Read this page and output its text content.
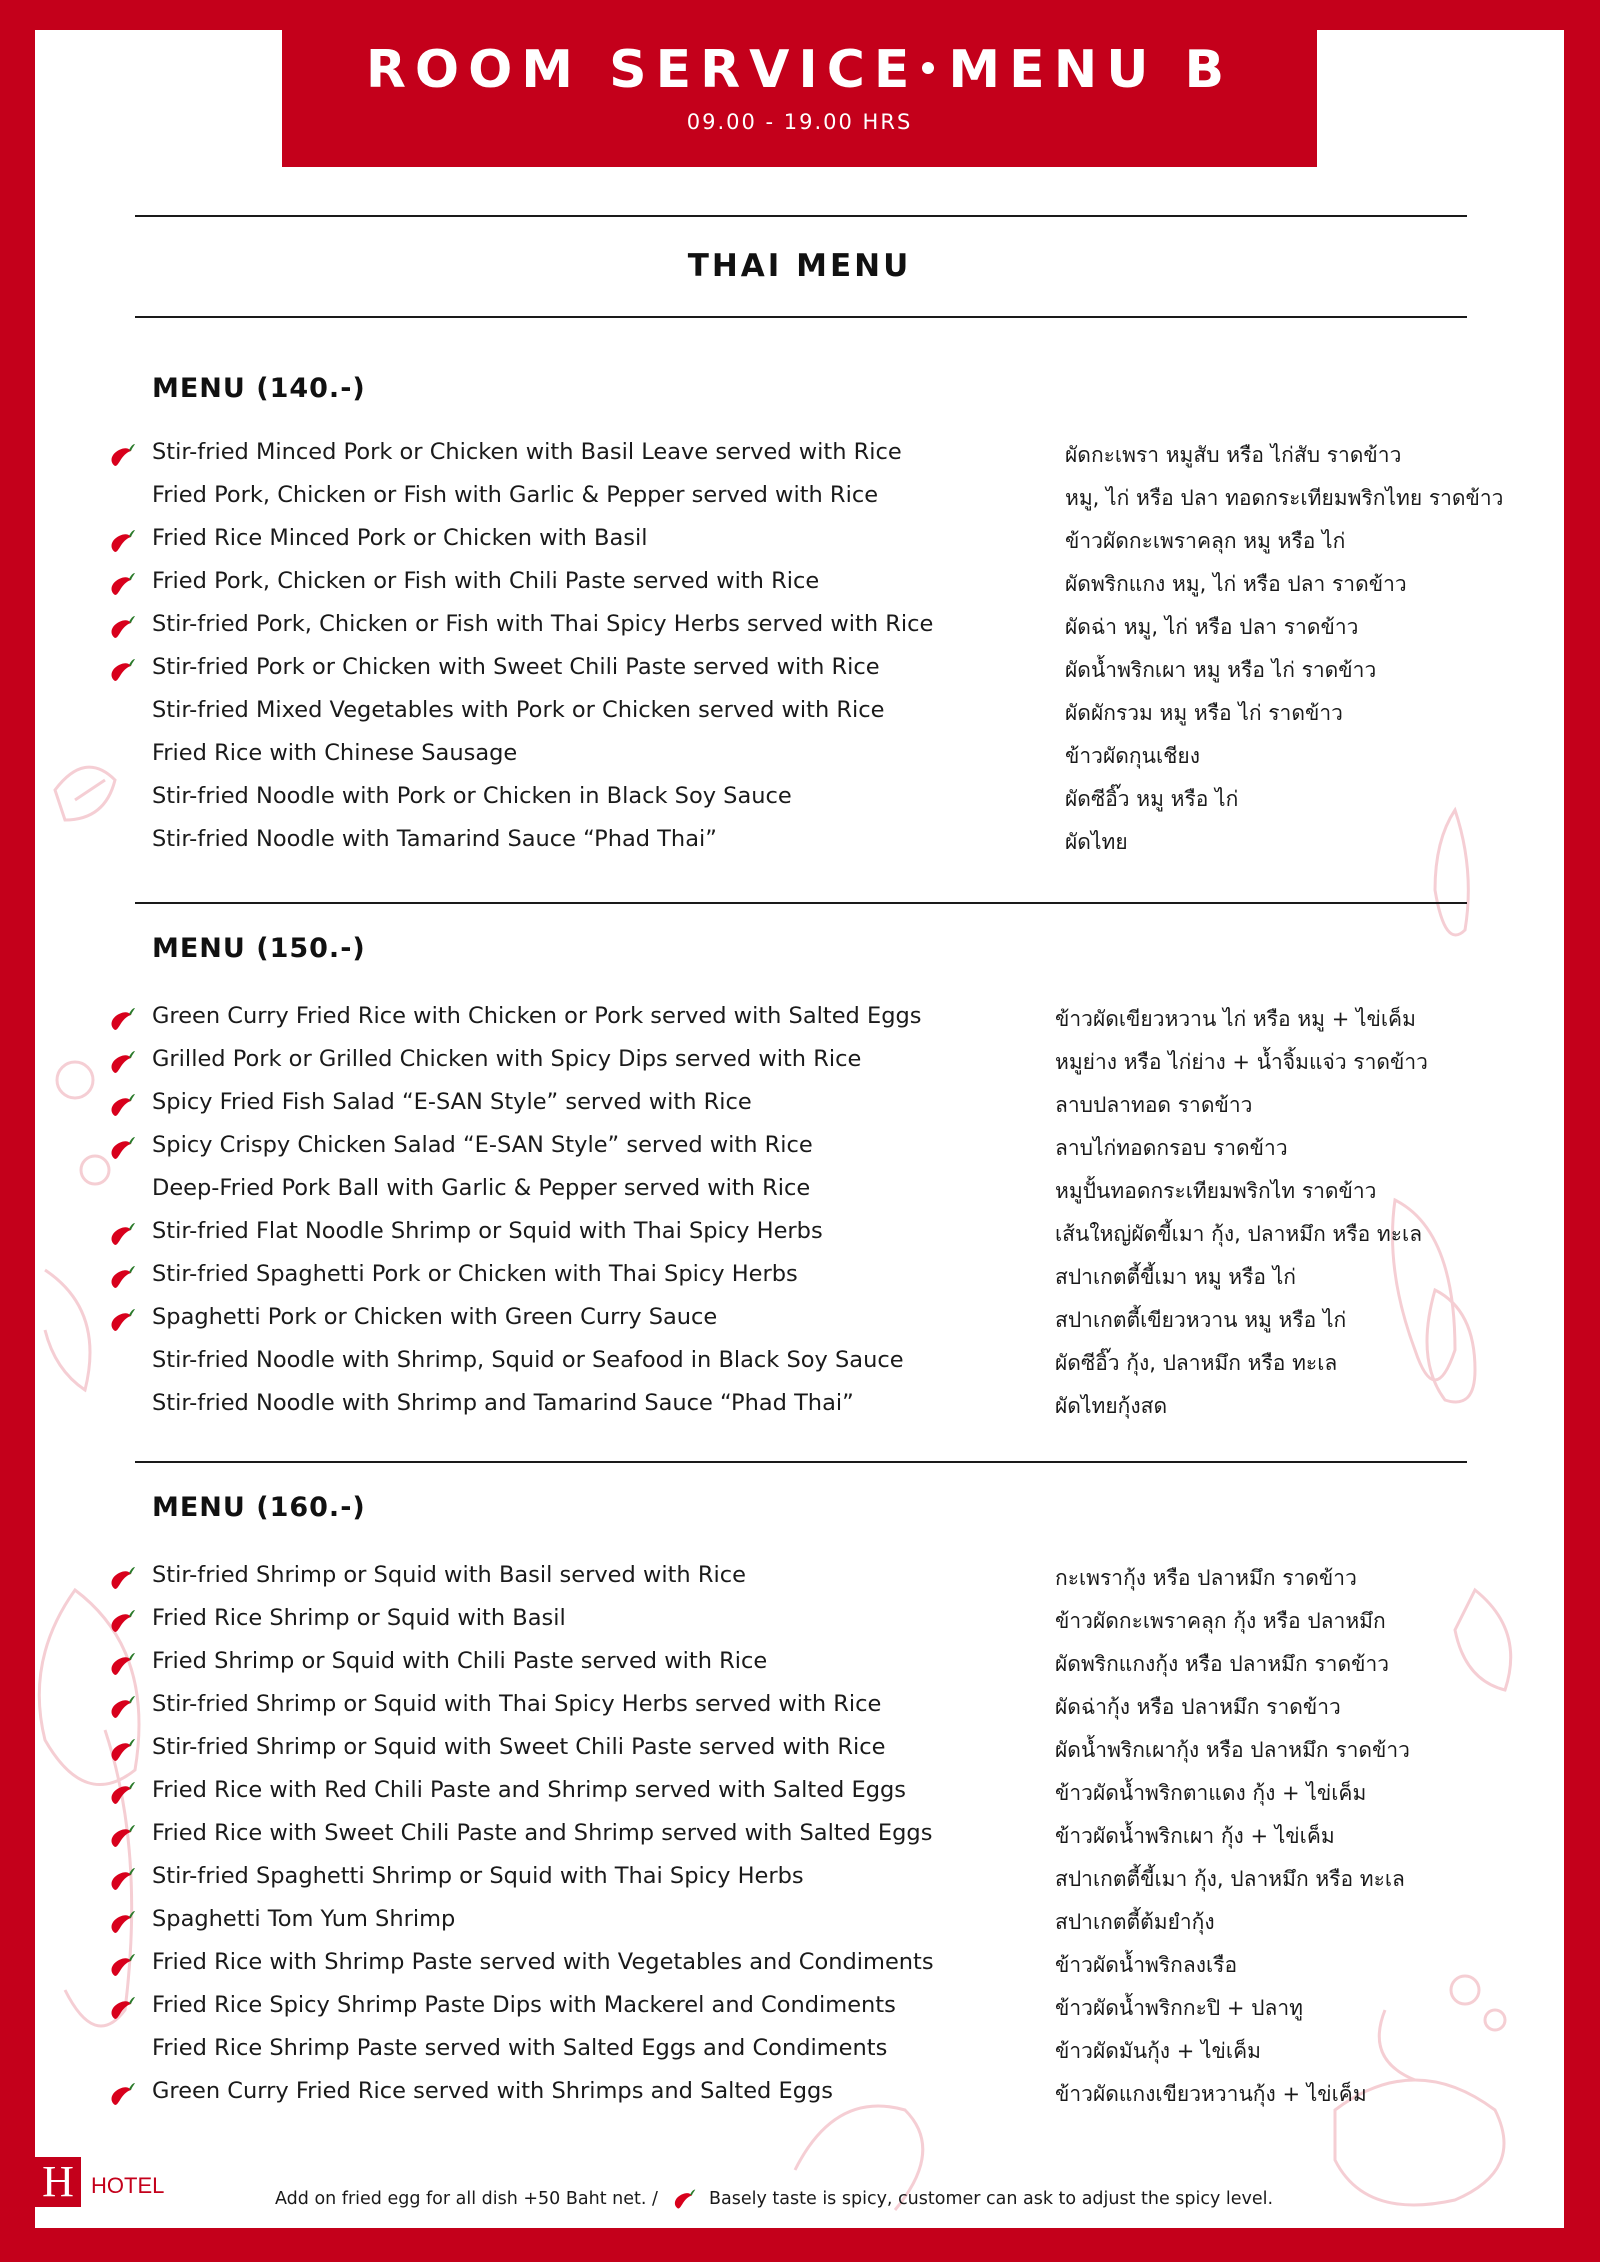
ROOM SERVICE MENU B
09.00 - 19.00 HRS
THAI MENU
MENU (140.-)
Stir-fried Minced Pork or Chicken with Basil Leave served with Rice	ผัดกะเพรา หมูสับ หรือ ไก่สับ ราดข้าว
Fried Pork, Chicken or Fish with Garlic & Pepper served with Rice	หมู, ไก่ หรือ ปลา ทอดกระเทียมพริกไทย ราดข้าว
Fried Rice Minced Pork or Chicken with Basil	ข้าวผัดกะเพราคลุก หมู หรือ ไก่
Fried Pork, Chicken or Fish with Chili Paste served with Rice	ผัดพริกแกง หมู, ไก่ หรือ ปลา ราดข้าว
Stir-fried Pork, Chicken or Fish with Thai Spicy Herbs served with Rice	ผัดฉ่า หมู, ไก่ หรือ ปลา ราดข้าว
Stir-fried Pork or Chicken with Sweet Chili Paste served with Rice	ผัดน้ำพริกเผา หมู หรือ ไก่ ราดข้าว
Stir-fried Mixed Vegetables with Pork or Chicken served with Rice	ผัดผักรวม หมู หรือ ไก่ ราดข้าว
Fried Rice with Chinese Sausage	ข้าวผัดกุนเชียง
Stir-fried Noodle with Pork or Chicken in Black Soy Sauce	ผัดซีอิ๊ว หมู หรือ ไก่
Stir-fried Noodle with Tamarind Sauce “Phad Thai”	ผัดไทย
MENU (150.-)
Green Curry Fried Rice with Chicken or Pork served with Salted Eggs	ข้าวผัดเขียวหวาน ไก่ หรือ หมู + ไข่เค็ม
Grilled Pork or Grilled Chicken with Spicy Dips served with Rice	หมูย่าง หรือ ไก่ย่าง + น้ำจิ้มแจ่ว ราดข้าว
Spicy Fried Fish Salad “E-SAN Style” served with Rice	ลาบปลาทอด ราดข้าว
Spicy Crispy Chicken Salad “E-SAN Style” served with Rice	ลาบไก่ทอดกรอบ ราดข้าว
Deep-Fried Pork Ball with Garlic & Pepper served with Rice	หมูปั้นทอดกระเทียมพริกไท ราดข้าว
Stir-fried Flat Noodle Shrimp or Squid with Thai Spicy Herbs	เส้นใหญ่ผัดขี้เมา กุ้ง, ปลาหมึก หรือ ทะเล
Stir-fried Spaghetti Pork or Chicken with Thai Spicy Herbs	สปาเกตตี้ขี้เมา หมู หรือ ไก่
Spaghetti Pork or Chicken with Green Curry Sauce	สปาเกตตี้เขียวหวาน หมู หรือ ไก่
Stir-fried Noodle with Shrimp, Squid or Seafood in Black Soy Sauce	ผัดซีอิ๊ว กุ้ง, ปลาหมึก หรือ ทะเล
Stir-fried Noodle with Shrimp and Tamarind Sauce “Phad Thai”	ผัดไทยกุ้งสด
MENU (160.-)
Stir-fried Shrimp or Squid with Basil served with Rice	กะเพรากุ้ง หรือ ปลาหมึก ราดข้าว
Fried Rice Shrimp or Squid with Basil	ข้าวผัดกะเพราคลุก กุ้ง หรือ ปลาหมึก
Fried Shrimp or Squid with Chili Paste served with Rice	ผัดพริกแกงกุ้ง หรือ ปลาหมึก ราดข้าว
Stir-fried Shrimp or Squid with Thai Spicy Herbs served with Rice	ผัดฉ่ากุ้ง หรือ ปลาหมึก ราดข้าว
Stir-fried Shrimp or Squid with Sweet Chili Paste served with Rice	ผัดน้ำพริกเผากุ้ง หรือ ปลาหมึก ราดข้าว
Fried Rice with Red Chili Paste and Shrimp served with Salted Eggs	ข้าวผัดน้ำพริกตาแดง กุ้ง + ไข่เค็ม
Fried Rice with Sweet Chili Paste and Shrimp served with Salted Eggs	ข้าวผัดน้ำพริกเผา กุ้ง + ไข่เค็ม
Stir-fried Spaghetti Shrimp or Squid with Thai Spicy Herbs	สปาเกตตี้ขี้เมา กุ้ง, ปลาหมึก หรือ ทะเล
Spaghetti Tom Yum Shrimp	สปาเกตตี้ต้มยำกุ้ง
Fried Rice with Shrimp Paste served with Vegetables and Condiments	ข้าวผัดน้ำพริกลงเรือ
Fried Rice Spicy Shrimp Paste Dips with Mackerel and Condiments	ข้าวผัดน้ำพริกกะปิ + ปลาทู
Fried Rice Shrimp Paste served with Salted Eggs and Condiments	ข้าวผัดมันกุ้ง + ไข่เค็ม
Green Curry Fried Rice served with Shrimps and Salted Eggs	ข้าวผัดแกงเขียวหวานกุ้ง + ไข่เค็ม
H HOTEL
Add on fried egg for all dish +50 Baht net. /	Basely taste is spicy, customer can ask to adjust the spicy level.
